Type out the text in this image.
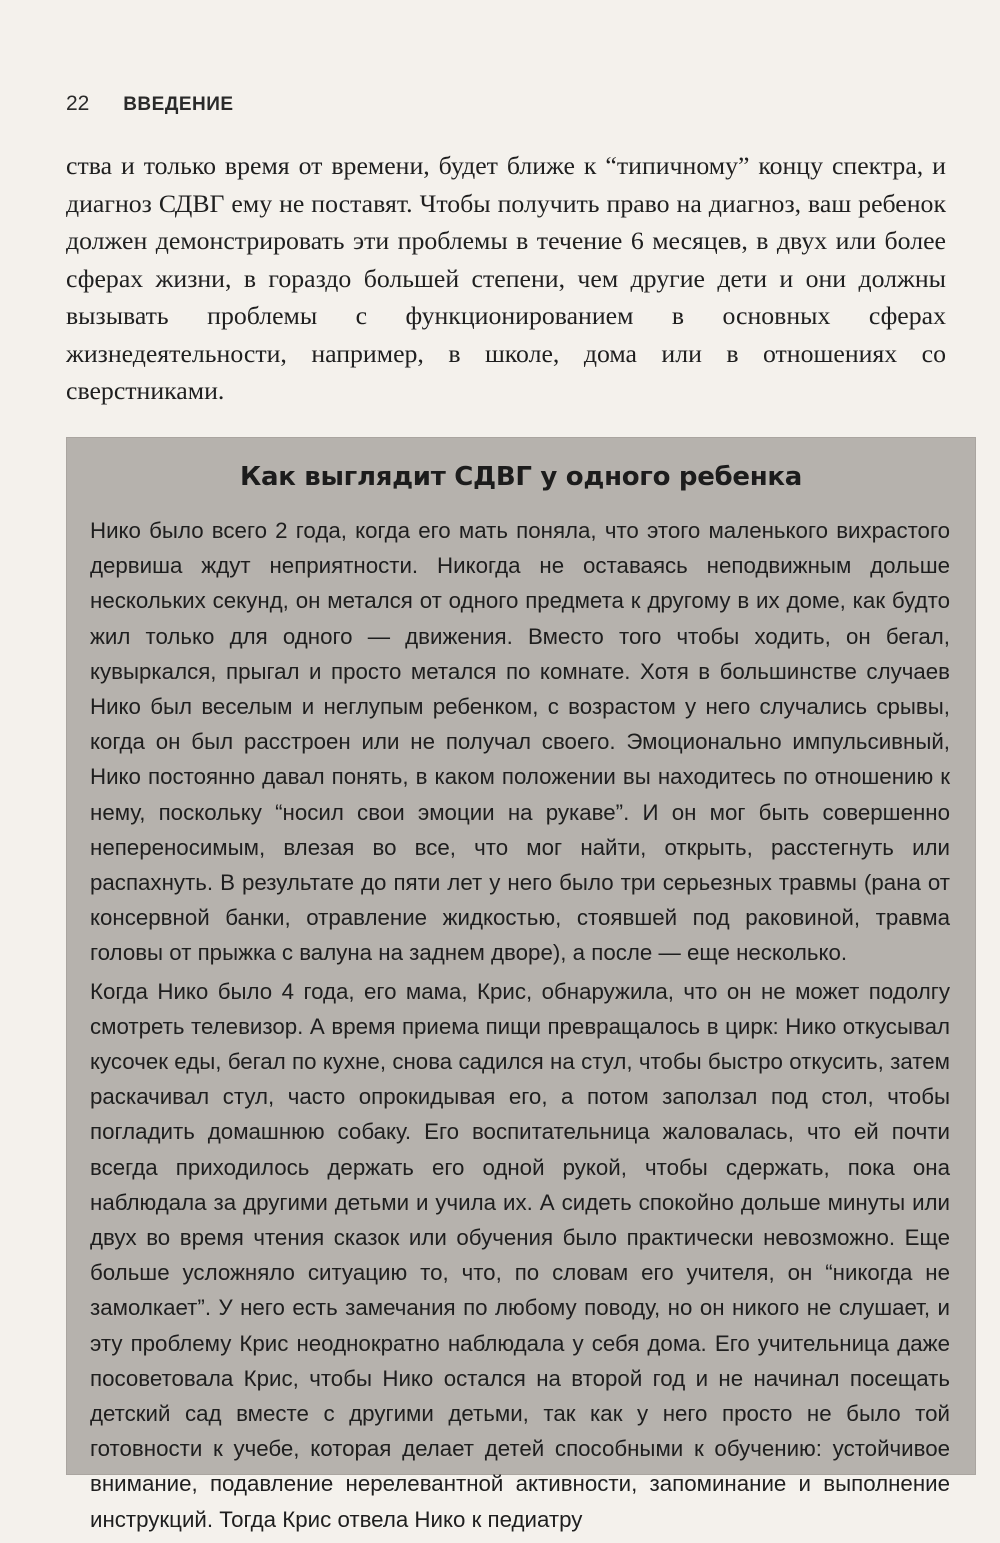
22 ВВЕДЕНИЕ

ства и только время от времени, будет ближе к “типичному” концу спектра, и диагноз СДВГ ему не поставят. Чтобы получить право на диагноз, ваш ребенок должен демонстрировать эти проблемы в течение 6 месяцев, в двух или более сферах жизни, в гораздо большей степени, чем другие дети и они должны вызывать проблемы с функционированием в основных сферах жизнедеятельности, например, в школе, дома или в отношениях со сверстниками.

Как выглядит СДВГ у одного ребенка

Нико было всего 2 года, когда его мать поняла, что этого маленького вихрастого дервиша ждут неприятности. Никогда не оставаясь неподвижным дольше нескольких секунд, он метался от одного предмета к другому в их доме, как будто жил только для одного — движения. Вместо того чтобы ходить, он бегал, кувыркался, прыгал и просто метался по комнате. Хотя в большинстве случаев Нико был веселым и неглупым ребенком, с возрастом у него случались срывы, когда он был расстроен или не получал своего. Эмоционально импульсивный, Нико постоянно давал понять, в каком положении вы находитесь по отношению к нему, поскольку “носил свои эмоции на рукаве”. И он мог быть совершенно непереносимым, влезая во все, что мог найти, открыть, расстегнуть или распахнуть. В результате до пяти лет у него было три серьезных травмы (рана от консервной банки, отравление жидкостью, стоявшей под раковиной, травма головы от прыжка с валуна на заднем дворе), а после — еще несколько.

Когда Нико было 4 года, его мама, Крис, обнаружила, что он не может подолгу смотреть телевизор. А время приема пищи превращалось в цирк: Нико откусывал кусочек еды, бегал по кухне, снова садился на стул, чтобы быстро откусить, затем раскачивал стул, часто опрокидывая его, а потом заползал под стол, чтобы погладить домашнюю собаку. Его воспитательница жаловалась, что ей почти всегда приходилось держать его одной рукой, чтобы сдержать, пока она наблюдала за другими детьми и учила их. А сидеть спокойно дольше минуты или двух во время чтения сказок или обучения было практически невозможно. Еще больше усложняло ситуацию то, что, по словам его учителя, он “никогда не замолкает”. У него есть замечания по любому поводу, но он никого не слушает, и эту проблему Крис неоднократно наблюдала у себя дома. Его учительница даже посоветовала Крис, чтобы Нико остался на второй год и не начинал посещать детский сад вместе с другими детьми, так как у него просто не было той готовности к учебе, которая делает детей способными к обучению: устойчивое внимание, подавление нерелевантной активности, запоминание и выполнение инструкций. Тогда Крис отвела Нико к педиатру
